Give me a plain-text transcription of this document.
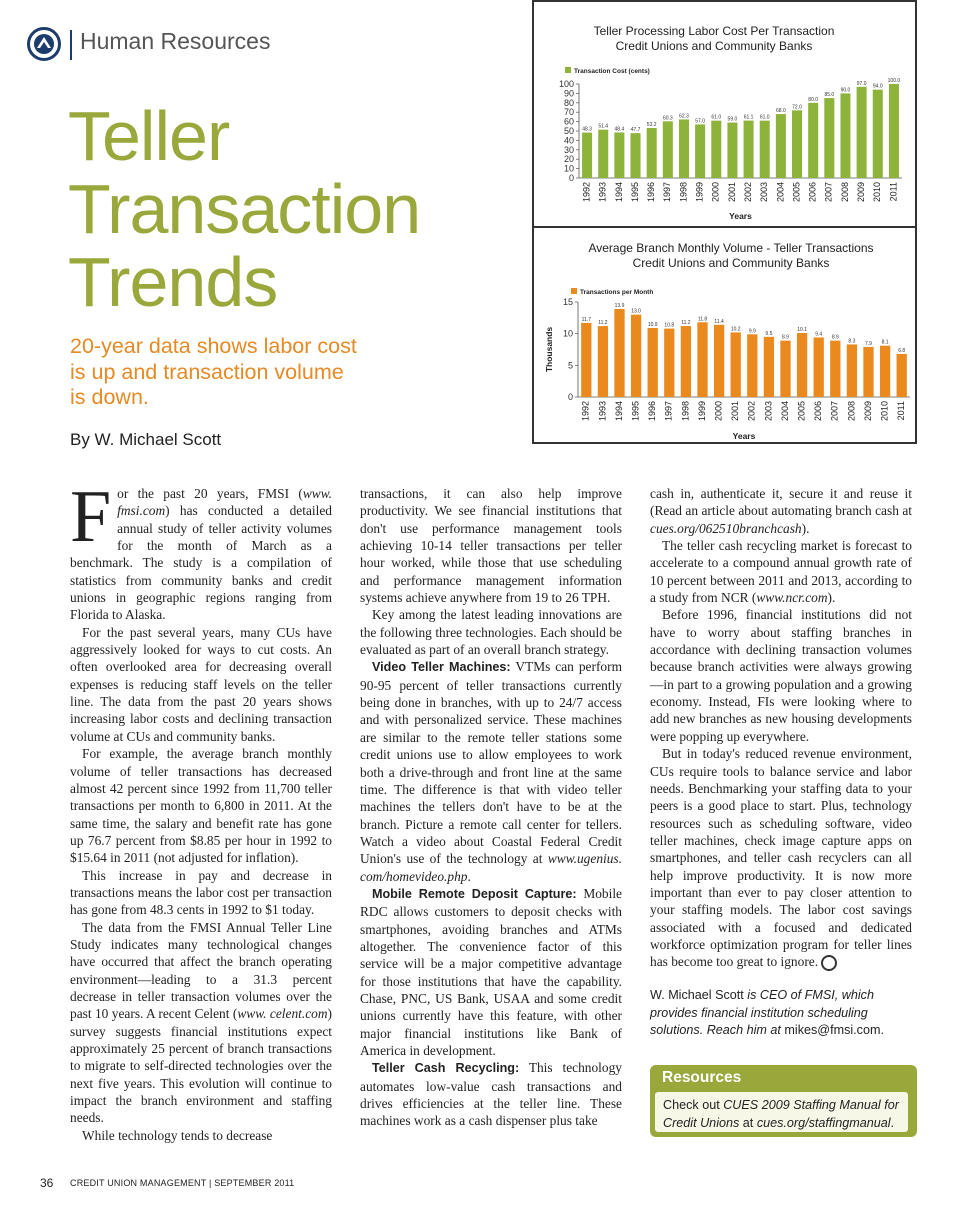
Human Resources
Teller
Transaction
Trends
20-year data shows labor cost is up and transaction volume is down.
By W. Michael Scott
Teller Processing Labor Cost Per Transaction
Credit Unions and Community Banks
Transaction Cost (cents)
0
10
20
30
40
50
60
70
80
90
100
48.3
1992
51.4
1993
48.4
1994
47.7
1995
53.2
1996
60.3
1997
62.3
1998
57.0
1999
61.0
2000
59.0
2001
61.1
2002
61.0
2003
68.0
2004
72.0
2005
80.0
2006
85.0
2007
90.0
2008
97.0
2009
94.0
2010
100.0
2011
Years
Average Branch Monthly Volume - Teller Transactions
Credit Unions and Community Banks
Transactions per Month
0
5
10
15
11.7
1992
11.2
1993
13.9
1994
13.0
1995
10.9
1996
10.8
1997
11.2
1998
11.8
1999
11.4
2000
10.2
2001
9.9
2002
9.5
2003
8.9
2004
10.1
2005
9.4
2006
8.9
2007
8.3
2008
7.9
2009
8.1
2010
6.8
2011
Years
Thousands

For the past 20 years, FMSI (www. fmsi.com) has conducted a detailed annual study of teller activity volumes for the month of March as a benchmark. The study is a compilation of statistics from community banks and credit unions in geographic regions ranging from Florida to Alaska.

For the past several years, many CUs have aggressively looked for ways to cut costs. An often overlooked area for decreasing overall expenses is reducing staff levels on the teller line. The data from the past 20 years shows increasing labor costs and declining transaction volume at CUs and community banks.

For example, the average branch monthly volume of teller transactions has decreased almost 42 percent since 1992 from 11,700 teller transactions per month to 6,800 in 2011. At the same time, the salary and benefit rate has gone up 76.7 percent from $8.85 per hour in 1992 to $15.64 in 2011 (not adjusted for inflation).

This increase in pay and decrease in transactions means the labor cost per transaction has gone from 48.3 cents in 1992 to $1 today.

The data from the FMSI Annual Teller Line Study indicates many technological changes have occurred that affect the branch operating environment—leading to a 31.3 percent decrease in teller transaction volumes over the past 10 years. A recent Celent (www. celent.com) survey suggests financial institutions expect approximately 25 percent of branch transactions to migrate to self-directed technologies over the next five years. This evolution will continue to impact the branch environment and staffing needs.

While technology tends to decrease

transactions, it can also help improve productivity. We see financial institutions that don't use performance management tools achieving 10-14 teller transactions per teller hour worked, while those that use scheduling and performance management information systems achieve anywhere from 19 to 26 TPH.

Key among the latest leading innovations are the following three technologies. Each should be evaluated as part of an overall branch strategy.

Video Teller Machines: VTMs can perform 90-95 percent of teller transactions currently being done in branches, with up to 24/7 access and with personalized service. These machines are similar to the remote teller stations some credit unions use to allow employees to work both a drive-through and front line at the same time. The difference is that with video teller machines the tellers don't have to be at the branch. Picture a remote call center for tellers. Watch a video about Coastal Federal Credit Union's use of the technology at www.ugenius. com/homevideo.php.

Mobile Remote Deposit Capture: Mobile RDC allows customers to deposit checks with smartphones, avoiding branches and ATMs altogether. The convenience factor of this service will be a major competitive advantage for those institutions that have the capability. Chase, PNC, US Bank, USAA and some credit unions currently have this feature, with other major financial institutions like Bank of America in development.

Teller Cash Recycling: This technology automates low-value cash transactions and drives efficiencies at the teller line. These machines work as a cash dispenser plus take

cash in, authenticate it, secure it and reuse it (Read an article about automating branch cash at cues.org/062510branchcash).

The teller cash recycling market is forecast to accelerate to a compound annual growth rate of 10 percent between 2011 and 2013, according to a study from NCR (www.ncr.com).

Before 1996, financial institutions did not have to worry about staffing branches in accordance with declining transaction volumes because branch activities were always growing—in part to a growing population and a growing economy. Instead, FIs were looking where to add new branches as new housing developments were popping up everywhere.

But in today's reduced revenue environment, CUs require tools to balance service and labor needs. Benchmarking your staffing data to your peers is a good place to start. Plus, technology resources such as scheduling software, video teller machines, check image capture apps on smartphones, and teller cash recyclers can all help improve productivity. It is now more important than ever to pay closer attention to your staffing models. The labor cost savings associated with a focused and dedicated workforce optimization program for teller lines has become too great to ignore.

W. Michael Scott is CEO of FMSI, which provides financial institution scheduling solutions. Reach him at mikes@fmsi.com.
Resources
Check out CUES 2009 Staffing Manual for Credit Unions at cues.org/staffingmanual.
36 CREDIT UNION MANAGEMENT | SEPTEMBER 2011
